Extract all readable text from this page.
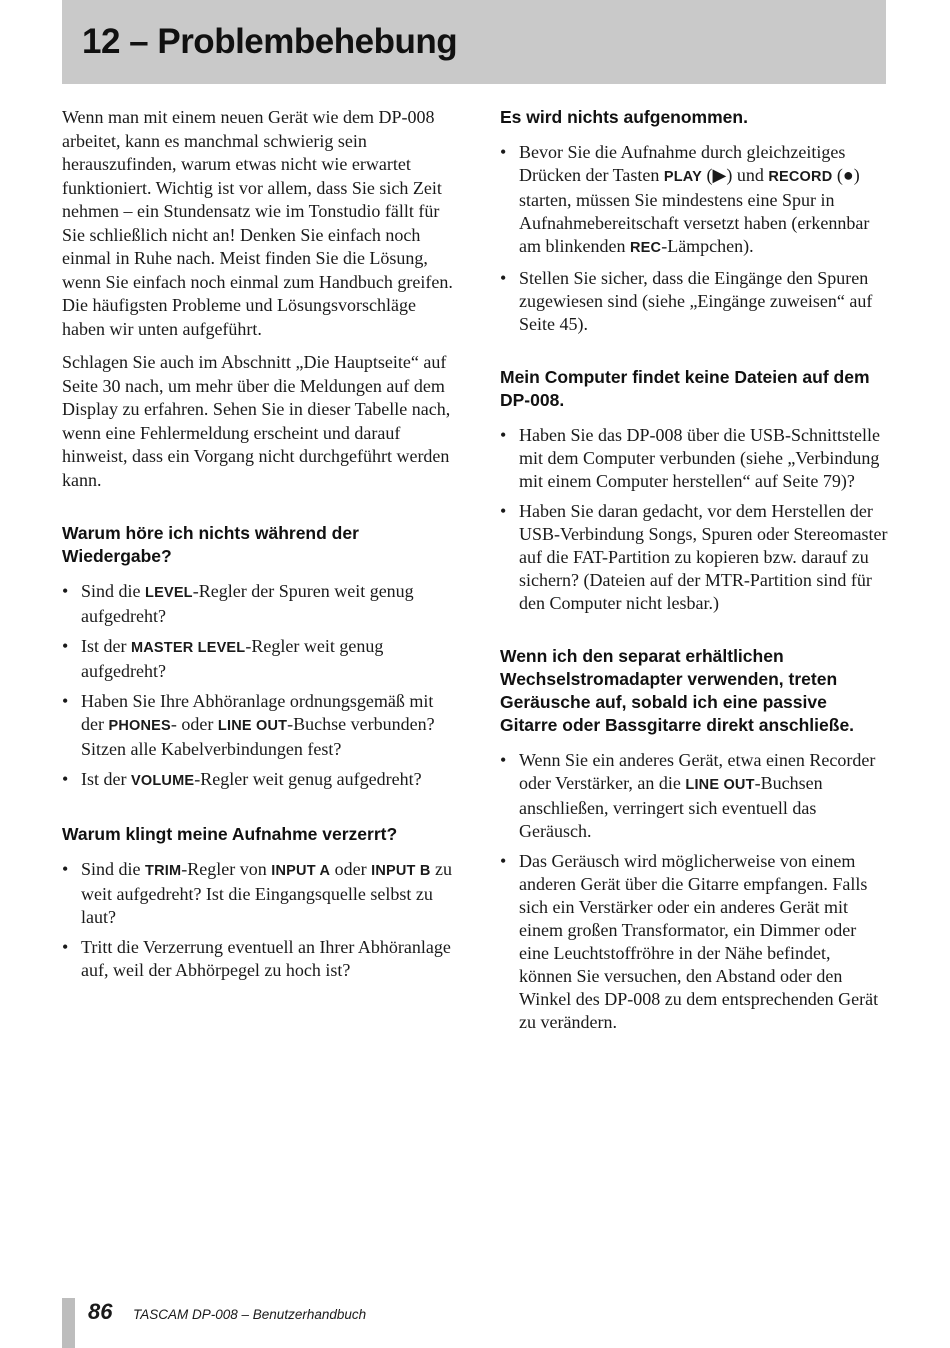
12 – Problembehebung

Wenn man mit einem neuen Gerät wie dem DP-008 arbeitet, kann es manchmal schwierig sein herauszufinden, warum etwas nicht wie erwartet funktioniert. Wichtig ist vor allem, dass Sie sich Zeit nehmen – ein Stundensatz wie im Tonstudio fällt für Sie schließlich nicht an! Denken Sie einfach noch einmal in Ruhe nach. Meist finden Sie die Lösung, wenn Sie einfach noch einmal zum Handbuch greifen. Die häufigsten Probleme und Lösungsvorschläge haben wir unten aufgeführt.

Schlagen Sie auch im Abschnitt „Die Hauptseite“ auf Seite 30 nach, um mehr über die Meldungen auf dem Display zu erfahren. Sehen Sie in dieser Tabelle nach, wenn eine Fehlermeldung erscheint und darauf hinweist, dass ein Vorgang nicht durchgeführt werden kann.

Warum höre ich nichts während der Wiedergabe?
• Sind die LEVEL-Regler der Spuren weit genug aufgedreht?
• Ist der MASTER LEVEL-Regler weit genug aufgedreht?
• Haben Sie Ihre Abhöranlage ordnungsgemäß mit der PHONES- oder LINE OUT-Buchse verbunden? Sitzen alle Kabelverbindungen fest?
• Ist der VOLUME-Regler weit genug aufgedreht?
Warum klingt meine Aufnahme verzerrt?
• Sind die TRIM-Regler von INPUT A oder INPUT B zu weit aufgedreht? Ist die Eingangsquelle selbst zu laut?
• Tritt die Verzerrung eventuell an Ihrer Abhöranlage auf, weil der Abhörpegel zu hoch ist?
Es wird nichts aufgenommen.
• Bevor Sie die Aufnahme durch gleichzeitiges Drücken der Tasten PLAY (▶) und RECORD (●) starten, müssen Sie mindestens eine Spur in Aufnahmebereitschaft versetzt haben (erkennbar am blinkenden REC-Lämpchen).
• Stellen Sie sicher, dass die Eingänge den Spuren zugewiesen sind (siehe „Eingänge zuweisen“ auf Seite 45).
Mein Computer findet keine Dateien auf dem DP-008.
• Haben Sie das DP-008 über die USB-Schnittstelle mit dem Computer verbunden (siehe „Verbindung mit einem Computer herstellen“ auf Seite 79)?
• Haben Sie daran gedacht, vor dem Herstellen der USB-Verbindung Songs, Spuren oder Stereomaster auf die FAT-Partition zu kopieren bzw. darauf zu sichern? (Dateien auf der MTR-Partition sind für den Computer nicht lesbar.)
Wenn ich den separat erhältlichen Wechselstromadapter verwenden, treten Geräusche auf, sobald ich eine passive Gitarre oder Bassgitarre direkt anschließe.
• Wenn Sie ein anderes Gerät, etwa einen Recorder oder Verstärker, an die LINE OUT-Buchsen anschließen, verringert sich eventuell das Geräusch.
• Das Geräusch wird möglicherweise von einem anderen Gerät über die Gitarre empfangen. Falls sich ein Verstärker oder ein anderes Gerät mit einem großen Transformator, ein Dimmer oder eine Leuchtstoffröhre in der Nähe befindet, können Sie versuchen, den Abstand oder den Winkel des DP-008 zu dem entsprechenden Gerät zu verändern.
86 TASCAM DP-008 – Benutzerhandbuch
